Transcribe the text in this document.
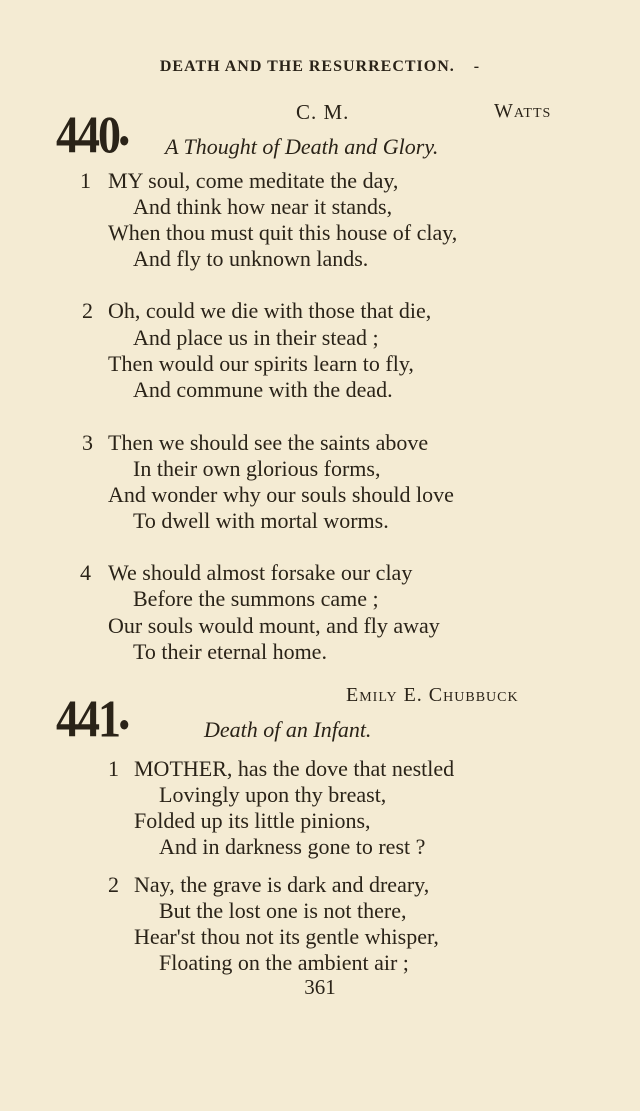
DEATH AND THE RESURRECTION. -
440•
C. M.	Watts
A Thought of Death and Glory.
1 MY soul, come meditate the day,
And think how near it stands,
When thou must quit this house of clay,
And fly to unknown lands.
2 Oh, could we die with those that die,
And place us in their stead ;
Then would our spirits learn to fly,
And commune with the dead.
3 Then we should see the saints above
In their own glorious forms,
And wonder why our souls should love
To dwell with mortal worms.
4 We should almost forsake our clay
Before the summons came ;
Our souls would mount, and fly away
To their eternal home.
441•
Emily E. Chubbuck
Death of an Infant.
1 MOTHER, has the dove that nestled
Lovingly upon thy breast,
Folded up its little pinions,
And in darkness gone to rest ?
2 Nay, the grave is dark and dreary,
But the lost one is not there,
Hear'st thou not its gentle whisper,
Floating on the ambient air ;
361
